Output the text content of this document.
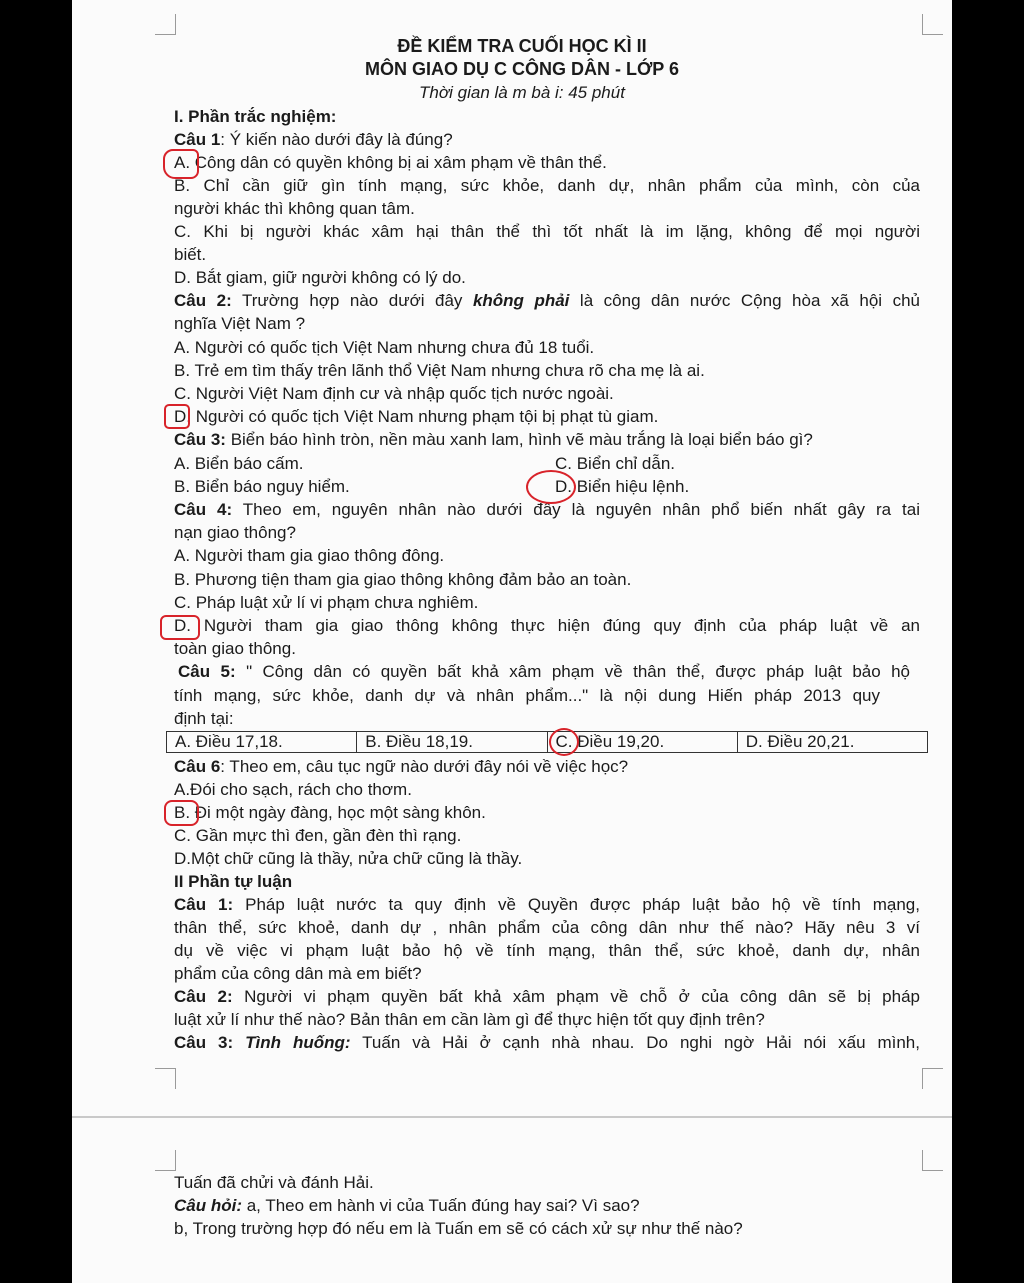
ĐỀ KIỂM TRA CUỐI HỌC KÌ II
MÔN GIAO DỤ C CÔNG DÂN - LỚP 6
Thời gian là m bà i: 45 phút
I. Phần trắc nghiệm:
Câu 1: Ý kiến nào dưới đây là đúng?
A. Công dân có quyền không bị ai xâm phạm về thân thể.
B. Chỉ cần giữ gìn tính mạng, sức khỏe, danh dự, nhân phẩm của mình, còn của
người khác thì không quan tâm.
C. Khi bị người khác xâm hại thân thể thì tốt nhất là im lặng, không để mọi người
biết.
D. Bắt giam, giữ người không có lý do.
Câu 2: Trường hợp nào dưới đây không phải là công dân nước Cộng hòa xã hội chủ
nghĩa Việt Nam ?
A. Người có quốc tịch Việt Nam nhưng chưa đủ 18 tuổi.
B. Trẻ em tìm thấy trên lãnh thổ Việt Nam nhưng chưa rõ cha mẹ là ai.
C. Người Việt Nam định cư và nhập quốc tịch nước ngoài.
D. Người có quốc tịch Việt Nam nhưng phạm tội bị phạt tù giam.
Câu 3: Biển báo hình tròn, nền màu xanh lam, hình vẽ màu trắng là loại biển báo gì?
A. Biển báo cấm.	C. Biển chỉ dẫn.
B. Biển báo nguy hiểm.	D. Biển hiệu lệnh.
Câu 4: Theo em, nguyên nhân nào dưới đây là nguyên nhân phổ biến nhất gây ra tai
nạn giao thông?
A. Người tham gia giao thông đông.
B. Phương tiện tham gia giao thông không đảm bảo an toàn.
C. Pháp luật xử lí vi phạm chưa nghiêm.
D. Người tham gia giao thông không thực hiện đúng quy định của pháp luật về an
toàn giao thông.
Câu 5: " Công dân có quyền bất khả xâm phạm về thân thể, được pháp luật bảo hộ
tính mạng, sức khỏe, danh dự và nhân phẩm..." là nội dung Hiến pháp 2013 quy
định tại:
A. Điều 17,18.	B. Điều 18,19.	C. Điều 19,20.	D. Điều 20,21.
Câu 6: Theo em, câu tục ngữ nào dưới đây nói về việc học?
A.Đói cho sạch, rách cho thơm.
B. Đi một ngày đàng, học một sàng khôn.
C. Gần mực thì đen, gần đèn thì rạng.
D.Một chữ cũng là thầy, nửa chữ cũng là thầy.
II Phần tự luận
Câu 1: Pháp luật nước ta quy định về Quyền được pháp luật bảo hộ về tính mạng,
thân thể, sức khoẻ, danh dự , nhân phẩm của công dân như thế nào? Hãy nêu 3 ví
dụ về việc vi phạm luật bảo hộ về tính mạng, thân thể, sức khoẻ, danh dự, nhân
phẩm của công dân mà em biết?
Câu 2: Người vi phạm quyền bất khả xâm phạm về chỗ ở của công dân sẽ bị pháp
luật xử lí như thế nào? Bản thân em cần làm gì để thực hiện tốt quy định trên?
Câu 3: Tình huống: Tuấn và Hải ở cạnh nhà nhau. Do nghi ngờ Hải nói xấu mình,
Tuấn đã chửi và đánh Hải.
Câu hỏi: a, Theo em hành vi của Tuấn đúng hay sai? Vì sao?
b, Trong trường hợp đó nếu em là Tuấn em sẽ có cách xử sự như thế nào?
